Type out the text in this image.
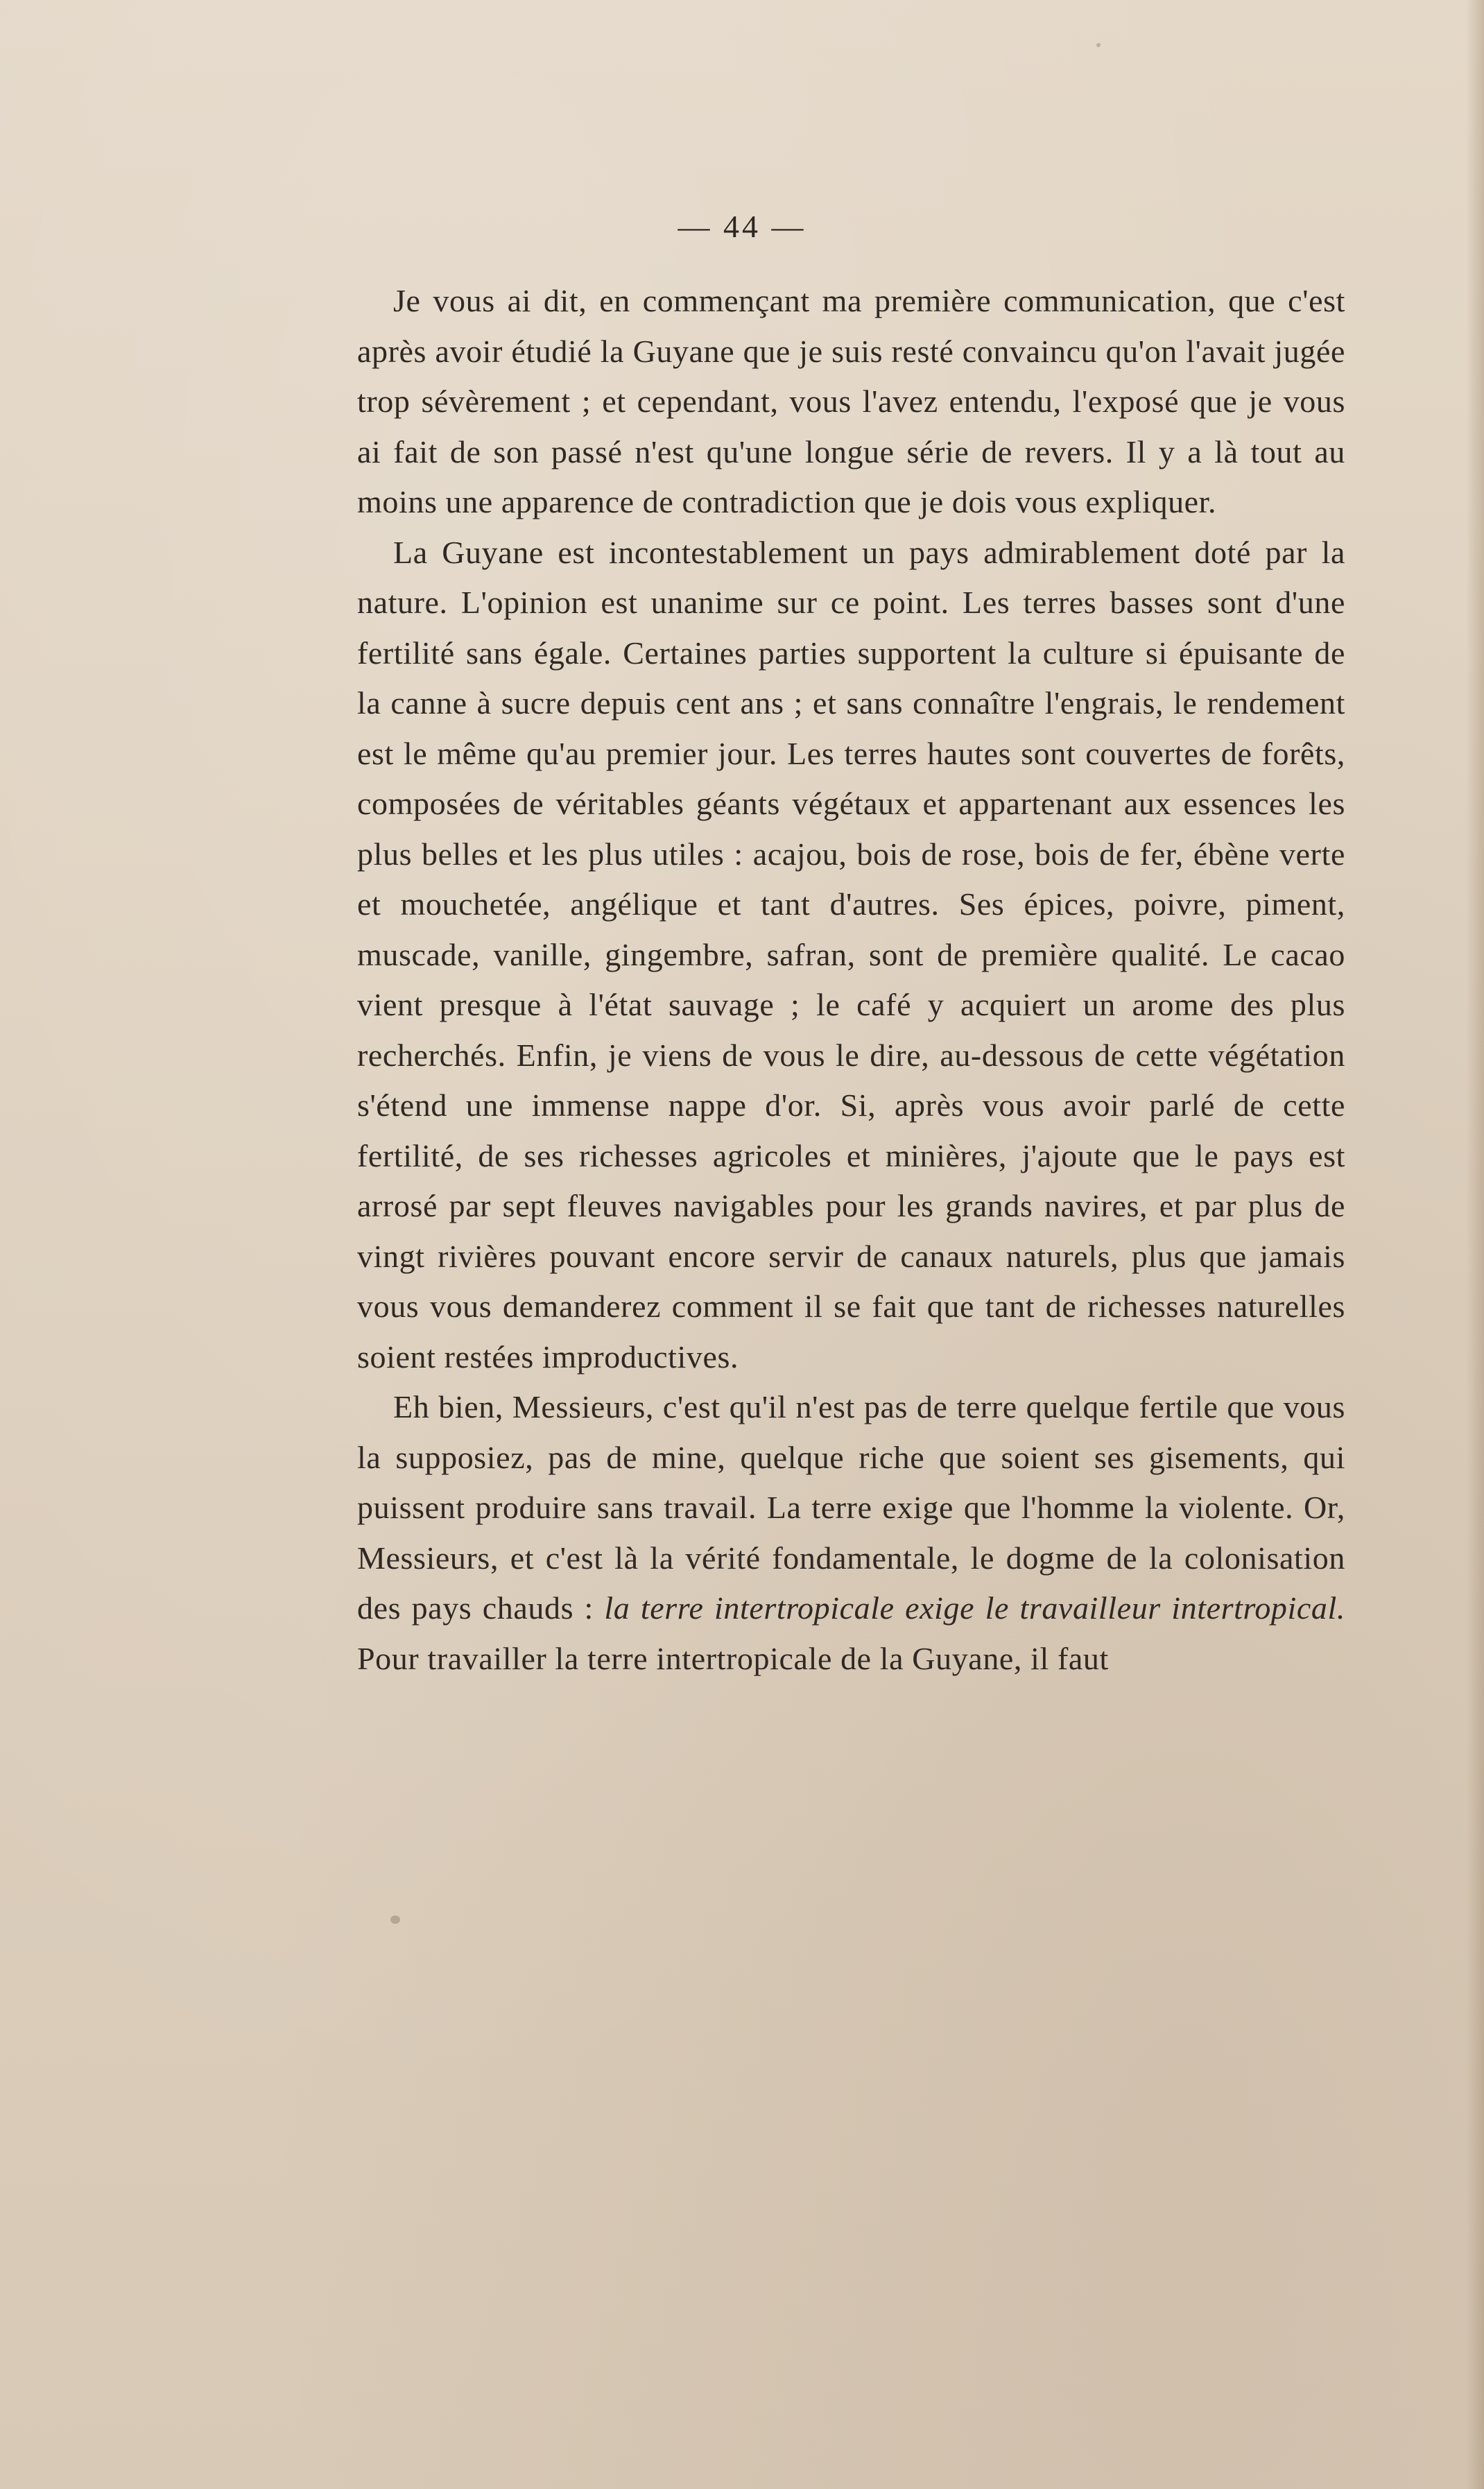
— 44 —

Je vous ai dit, en commençant ma première communication, que c'est après avoir étudié la Guyane que je suis resté convaincu qu'on l'avait jugée trop sévèrement ; et cependant, vous l'avez entendu, l'exposé que je vous ai fait de son passé n'est qu'une longue série de revers. Il y a là tout au moins une apparence de contradiction que je dois vous expliquer.

La Guyane est incontestablement un pays admirablement doté par la nature. L'opinion est unanime sur ce point. Les terres basses sont d'une fertilité sans égale. Certaines parties supportent la culture si épuisante de la canne à sucre depuis cent ans ; et sans connaître l'engrais, le rendement est le même qu'au premier jour. Les terres hautes sont couvertes de forêts, composées de véritables géants végétaux et appartenant aux essences les plus belles et les plus utiles : acajou, bois de rose, bois de fer, ébène verte et mouchetée, angélique et tant d'autres. Ses épices, poivre, piment, muscade, vanille, gingembre, safran, sont de première qualité. Le cacao vient presque à l'état sauvage ; le café y acquiert un arome des plus recherchés. Enfin, je viens de vous le dire, au-dessous de cette végétation s'étend une immense nappe d'or. Si, après vous avoir parlé de cette fertilité, de ses richesses agricoles et minières, j'ajoute que le pays est arrosé par sept fleuves navigables pour les grands navires, et par plus de vingt rivières pouvant encore servir de canaux naturels, plus que jamais vous vous demanderez comment il se fait que tant de richesses naturelles soient restées improductives.

Eh bien, Messieurs, c'est qu'il n'est pas de terre quelque fertile que vous la supposiez, pas de mine, quelque riche que soient ses gisements, qui puissent produire sans travail. La terre exige que l'homme la violente. Or, Messieurs, et c'est là la vérité fondamentale, le dogme de la colonisation des pays chauds : la terre intertropicale exige le travailleur intertropical. Pour travailler la terre intertropicale de la Guyane, il faut
